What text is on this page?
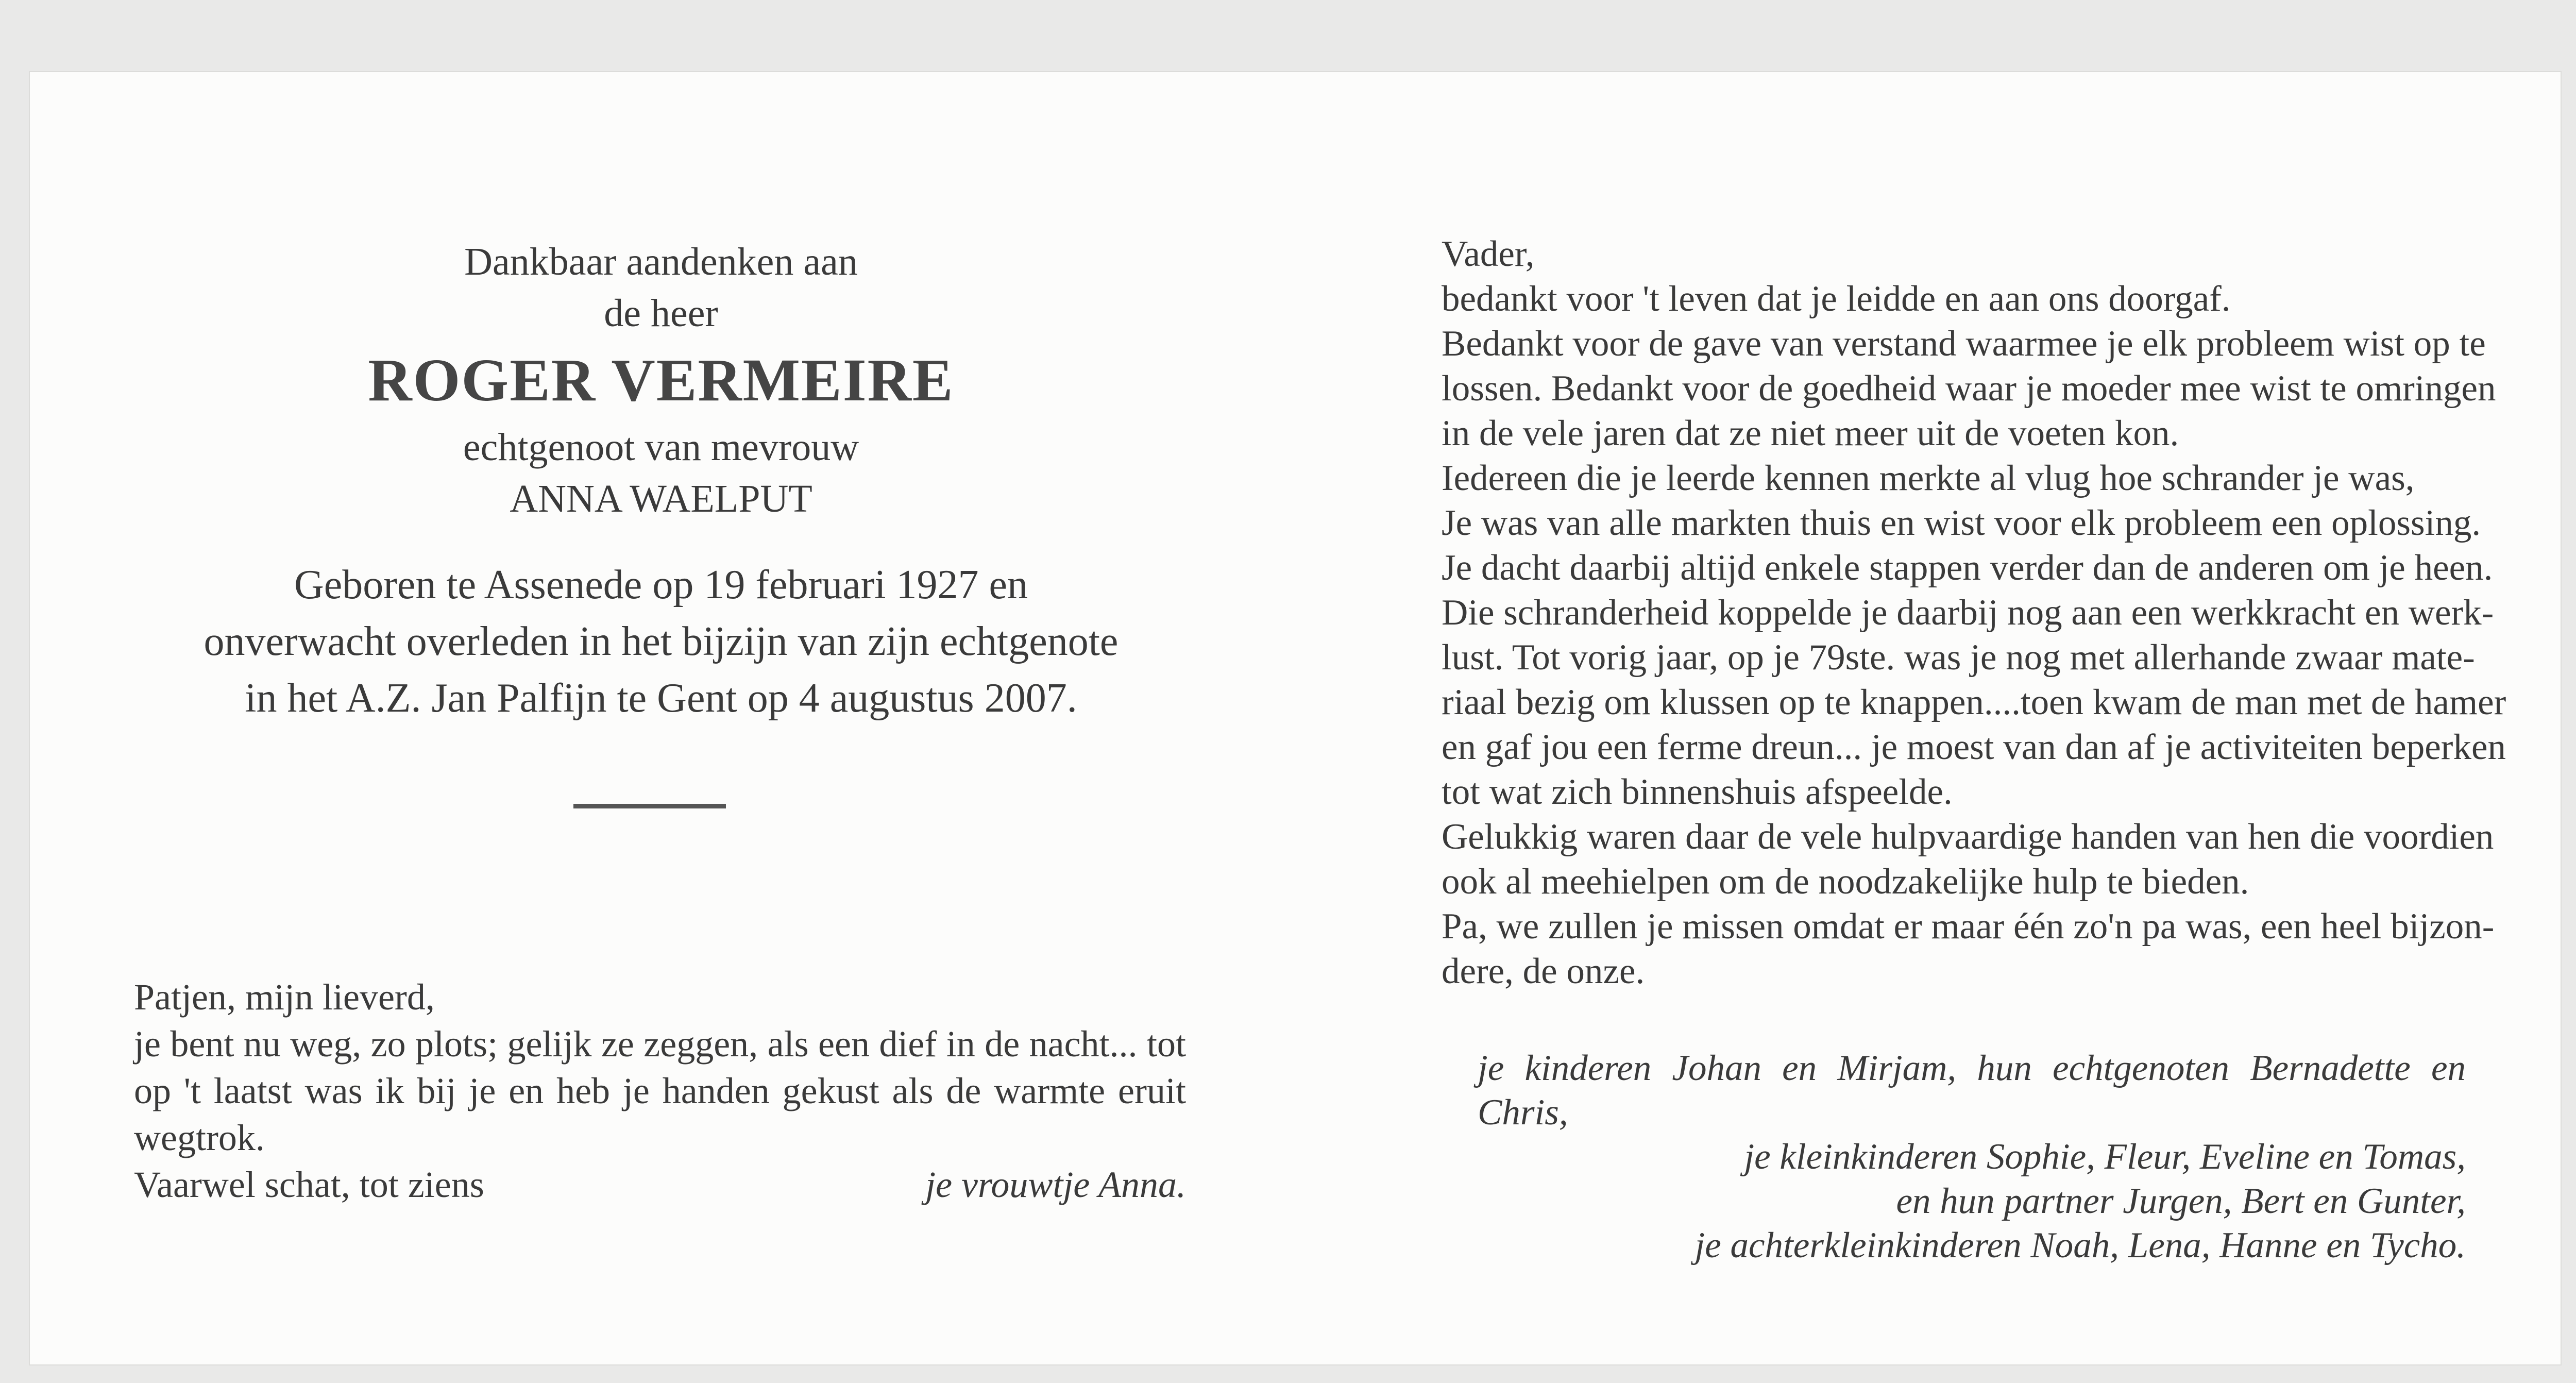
Dankbaar aandenken aan
de heer
ROGER VERMEIRE
echtgenoot van mevrouw
ANNA WAELPUT
Geboren te Assenede op 19 februari 1927 en
onverwacht overleden in het bijzijn van zijn echtgenote
in het A.Z. Jan Palfijn te Gent op 4 augustus 2007.
Patjen, mijn lieverd,
je bent nu weg, zo plots; gelijk ze zeggen, als een dief in de nacht... tot
op 't laatst was ik bij je en heb je handen gekust als de warmte eruit
wegtrok.
Vaarwel schat, tot ziens	je vrouwtje Anna.
Vader,
bedankt voor 't leven dat je leidde en aan ons doorgaf.
Bedankt voor de gave van verstand waarmee je elk probleem wist op te
lossen. Bedankt voor de goedheid waar je moeder mee wist te omringen
in de vele jaren dat ze niet meer uit de voeten kon.
Iedereen die je leerde kennen merkte al vlug hoe schrander je was,
Je was van alle markten thuis en wist voor elk probleem een oplossing.
Je dacht daarbij altijd enkele stappen verder dan de anderen om je heen.
Die schranderheid koppelde je daarbij nog aan een werkkracht en werk-
lust. Tot vorig jaar, op je 79ste. was je nog met allerhande zwaar mate-
riaal bezig om klussen op te knappen....toen kwam de man met de hamer
en gaf jou een ferme dreun... je moest van dan af je activiteiten beperken
tot wat zich binnenshuis afspeelde.
Gelukkig waren daar de vele hulpvaardige handen van hen die voordien
ook al meehielpen om de noodzakelijke hulp te bieden.
Pa, we zullen je missen omdat er maar één zo'n pa was, een heel bijzon-
dere, de onze.
je kinderen Johan en Mirjam, hun echtgenoten Bernadette en Chris,
je kleinkinderen Sophie, Fleur, Eveline en Tomas,
en hun partner Jurgen, Bert en Gunter,
je achterkleinkinderen Noah, Lena, Hanne en Tycho.
